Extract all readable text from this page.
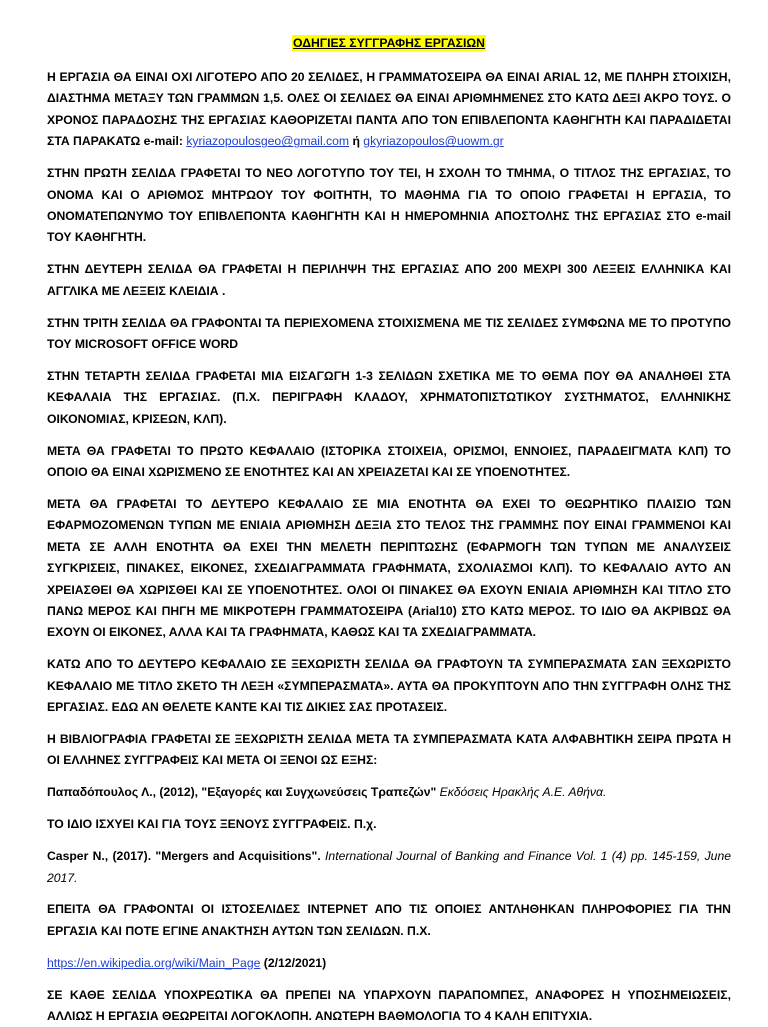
ΟΔΗΓΙΕΣ ΣΥΓΓΡΑΦΗΣ ΕΡΓΑΣΙΩΝ

Η ΕΡΓΑΣΙΑ ΘΑ ΕΙΝΑΙ ΟΧΙ ΛΙΓΟΤΕΡΟ ΑΠΟ 20 ΣΕΛΙΔΕΣ, Η ΓΡΑΜΜΑΤΟΣΕΙΡΑ ΘΑ ΕΙΝΑΙ ARIAL 12, ΜΕ ΠΛΗΡΗ ΣΤΟΙΧΙΣΗ, ΔΙΑΣΤΗΜΑ ΜΕΤΑΞΥ ΤΩΝ ΓΡΑΜΜΩΝ 1,5. ΟΛΕΣ ΟΙ ΣΕΛΙΔΕΣ ΘΑ ΕΙΝΑΙ ΑΡΙΘΜΗΜΕΝΕΣ ΣΤΟ ΚΑΤΩ ΔΕΞΙ ΑΚΡΟ ΤΟΥΣ. Ο ΧΡΟΝΟΣ ΠΑΡΑΔΟΣΗΣ ΤΗΣ ΕΡΓΑΣΙΑΣ ΚΑΘΟΡΙΖΕΤΑΙ ΠΑΝΤΑ ΑΠΟ ΤΟΝ ΕΠΙΒΛΕΠΟΝΤΑ ΚΑΘΗΓΗΤΗ ΚΑΙ ΠΑΡΑΔΙΔΕΤΑΙ ΣΤΑ ΠΑΡΑΚΑΤΩ e-mail: kyriazopoulosgeo@gmail.com ή gkyriazopoulos@uowm.gr

ΣΤΗΝ ΠΡΩΤΗ ΣΕΛΙΔΑ ΓΡΑΦΕΤΑΙ ΤΟ ΝΕΟ ΛΟΓΟΤΥΠΟ ΤΟΥ ΤΕΙ, Η ΣΧΟΛΗ ΤΟ ΤΜΗΜΑ, Ο ΤΙΤΛΟΣ ΤΗΣ ΕΡΓΑΣΙΑΣ, ΤΟ ΟΝΟΜΑ ΚΑΙ Ο ΑΡΙΘΜΟΣ ΜΗΤΡΩΟΥ ΤΟΥ ΦΟΙΤΗΤΗ, ΤΟ ΜΑΘΗΜΑ ΓΙΑ ΤΟ ΟΠΟΙΟ ΓΡΑΦΕΤΑΙ Η ΕΡΓΑΣΙΑ, ΤΟ ΟΝΟΜΑΤΕΠΩΝΥΜΟ ΤΟΥ ΕΠΙΒΛΕΠΟΝΤΑ ΚΑΘΗΓΗΤΗ ΚΑΙ Η ΗΜΕΡΟΜΗΝΙΑ ΑΠΟΣΤΟΛΗΣ ΤΗΣ ΕΡΓΑΣΙΑΣ ΣΤΟ e-mail ΤΟΥ ΚΑΘΗΓΗΤΗ.

ΣΤΗΝ ΔΕΥΤΕΡΗ ΣΕΛΙΔΑ ΘΑ ΓΡΑΦΕΤΑΙ Η ΠΕΡΙΛΗΨΗ ΤΗΣ ΕΡΓΑΣΙΑΣ ΑΠΟ 200 ΜΕΧΡΙ 300 ΛΕΞΕΙΣ ΕΛΛΗΝΙΚΑ ΚΑΙ ΑΓΓΛΙΚΑ ΜΕ ΛΕΞΕΙΣ ΚΛΕΙΔΙΑ .

ΣΤΗΝ ΤΡΙΤΗ ΣΕΛΙΔΑ ΘΑ ΓΡΑΦΟΝΤΑΙ ΤΑ ΠΕΡΙΕΧΟΜΕΝΑ ΣΤΟΙΧΙΣΜΕΝΑ ΜΕ ΤΙΣ ΣΕΛΙΔΕΣ ΣΥΜΦΩΝΑ ΜΕ ΤΟ ΠΡΟΤΥΠΟ ΤΟΥ MICROSOFT OFFICE WORD

ΣΤΗΝ ΤΕΤΑΡΤΗ ΣΕΛΙΔΑ ΓΡΑΦΕΤΑΙ ΜΙΑ ΕΙΣΑΓΩΓΗ 1-3 ΣΕΛΙΔΩΝ ΣΧΕΤΙΚΑ ΜΕ ΤΟ ΘΕΜΑ ΠΟΥ ΘΑ ΑΝΑΛΗΘΕΙ ΣΤΑ ΚΕΦΑΛΑΙΑ ΤΗΣ ΕΡΓΑΣΙΑΣ. (Π.Χ. ΠΕΡΙΓΡΑΦΗ ΚΛΑΔΟΥ, ΧΡΗΜΑΤΟΠΙΣΤΩΤΙΚΟΥ ΣΥΣΤΗΜΑΤΟΣ, ΕΛΛΗΝΙΚΗΣ ΟΙΚΟΝΟΜΙΑΣ, ΚΡΙΣΕΩΝ, ΚΛΠ).

ΜΕΤΑ ΘΑ ΓΡΑΦΕΤΑΙ ΤΟ ΠΡΩΤΟ ΚΕΦΑΛΑΙΟ (ΙΣΤΟΡΙΚΑ ΣΤΟΙΧΕΙΑ, ΟΡΙΣΜΟΙ, ΕΝΝΟΙΕΣ, ΠΑΡΑΔΕΙΓΜΑΤΑ ΚΛΠ) ΤΟ ΟΠΟΙΟ ΘΑ ΕΙΝΑΙ ΧΩΡΙΣΜΕΝΟ ΣΕ ΕΝΟΤΗΤΕΣ ΚΑΙ ΑΝ ΧΡΕΙΑΖΕΤΑΙ ΚΑΙ ΣΕ ΥΠΟΕΝΟΤΗΤΕΣ.

ΜΕΤΑ ΘΑ ΓΡΑΦΕΤΑΙ ΤΟ ΔΕΥΤΕΡΟ ΚΕΦΑΛΑΙΟ ΣΕ ΜΙΑ ΕΝΟΤΗΤΑ ΘΑ ΕΧΕΙ ΤΟ ΘΕΩΡΗΤΙΚΟ ΠΛΑΙΣΙΟ ΤΩΝ ΕΦΑΡΜΟΖΟΜΕΝΩΝ ΤΥΠΩΝ ΜΕ ΕΝΙΑΙΑ ΑΡΙΘΜΗΣΗ ΔΕΞΙΑ ΣΤΟ ΤΕΛΟΣ ΤΗΣ ΓΡΑΜΜΗΣ ΠΟΥ ΕΙΝΑΙ ΓΡΑΜΜΕΝΟΙ ΚΑΙ ΜΕΤΑ ΣΕ ΑΛΛΗ ΕΝΟΤΗΤΑ ΘΑ ΕΧΕΙ ΤΗΝ ΜΕΛΕΤΗ ΠΕΡΙΠΤΩΣΗΣ (ΕΦΑΡΜΟΓΗ ΤΩΝ ΤΥΠΩΝ ΜΕ ΑΝΑΛΥΣΕΙΣ ΣΥΓΚΡΙΣΕΙΣ, ΠΙΝΑΚΕΣ, ΕΙΚΟΝΕΣ, ΣΧΕΔΙΑΓΡΑΜΜΑΤΑ ΓΡΑΦΗΜΑΤΑ, ΣΧΟΛΙΑΣΜΟΙ ΚΛΠ). ΤΟ ΚΕΦΑΛΑΙΟ ΑΥΤΟ ΑΝ ΧΡΕΙΑΣΘΕΙ ΘΑ ΧΩΡΙΣΘΕΙ ΚΑΙ ΣΕ ΥΠΟΕΝΟΤΗΤΕΣ. ΟΛΟΙ ΟΙ ΠΙΝΑΚΕΣ ΘΑ ΕΧΟΥΝ ΕΝΙΑΙΑ ΑΡΙΘΜΗΣΗ ΚΑΙ ΤΙΤΛΟ ΣΤΟ ΠΑΝΩ ΜΕΡΟΣ ΚΑΙ ΠΗΓΗ ΜΕ ΜΙΚΡΟΤΕΡΗ ΓΡΑΜΜΑΤΟΣΕΙΡΑ (Arial10) ΣΤΟ ΚΑΤΩ ΜΕΡΟΣ. ΤΟ ΙΔΙΟ ΘΑ ΑΚΡΙΒΩΣ ΘΑ ΕΧΟΥΝ ΟΙ ΕΙΚΟΝΕΣ, ΑΛΛΑ ΚΑΙ ΤΑ ΓΡΑΦΗΜΑΤΑ, ΚΑΘΩΣ ΚΑΙ ΤΑ ΣΧΕΔΙΑΓΡΑΜΜΑΤΑ.

ΚΑΤΩ ΑΠΟ ΤΟ ΔΕΥΤΕΡΟ ΚΕΦΑΛΑΙΟ ΣΕ ΞΕΧΩΡΙΣΤΗ ΣΕΛΙΔΑ ΘΑ ΓΡΑΦΤΟΥΝ ΤΑ ΣΥΜΠΕΡΑΣΜΑΤΑ ΣΑΝ ΞΕΧΩΡΙΣΤΟ ΚΕΦΑΛΑΙΟ ΜΕ ΤΙΤΛΟ ΣΚΕΤΟ ΤΗ ΛΕΞΗ «ΣΥΜΠΕΡΑΣΜΑΤΑ». ΑΥΤΑ ΘΑ ΠΡΟΚΥΠΤΟΥΝ ΑΠΟ ΤΗΝ ΣΥΓΓΡΑΦΗ ΟΛΗΣ ΤΗΣ ΕΡΓΑΣΙΑΣ. ΕΔΩ ΑΝ ΘΕΛΕΤΕ ΚΑΝΤΕ ΚΑΙ ΤΙΣ ΔΙΚΙΕΣ ΣΑΣ ΠΡΟΤΑΣΕΙΣ.

Η ΒΙΒΛΙΟΓΡΑΦΙΑ ΓΡΑΦΕΤΑΙ ΣΕ ΞΕΧΩΡΙΣΤΗ ΣΕΛΙΔΑ ΜΕΤΑ ΤΑ ΣΥΜΠΕΡΑΣΜΑΤΑ ΚΑΤΑ ΑΛΦΑΒΗΤΙΚΗ ΣΕΙΡΑ ΠΡΩΤΑ Η ΟΙ ΕΛΛΗΝΕΣ ΣΥΓΓΡΑΦΕΙΣ ΚΑΙ ΜΕΤΑ ΟΙ ΞΕΝΟΙ ΩΣ ΕΞΗΣ:

Παπαδόπουλος Λ., (2012), "Εξαγορές και Συγχωνεύσεις Τραπεζών" Εκδόσεις Ηρακλής Α.Ε. Αθήνα.

ΤΟ ΙΔΙΟ ΙΣΧΥΕΙ ΚΑΙ ΓΙΑ ΤΟΥΣ ΞΕΝΟΥΣ ΣΥΓΓΡΑΦΕΙΣ. Π.χ.

Casper N., (2017). "Mergers and Acquisitions". International Journal of Banking and Finance Vol. 1 (4) pp. 145-159, June 2017.

ΕΠΕΙΤΑ ΘΑ ΓΡΑΦΟΝΤΑΙ ΟΙ ΙΣΤΟΣΕΛΙΔΕΣ ΙΝΤΕΡΝΕΤ ΑΠΟ ΤΙΣ ΟΠΟΙΕΣ ΑΝΤΛΗΘΗΚΑΝ ΠΛΗΡΟΦΟΡΙΕΣ ΓΙΑ ΤΗΝ ΕΡΓΑΣΙΑ ΚΑΙ ΠΟΤΕ ΕΓΙΝΕ ΑΝΑΚΤΗΣΗ ΑΥΤΩΝ ΤΩΝ ΣΕΛΙΔΩΝ. Π.Χ.

https://en.wikipedia.org/wiki/Main_Page (2/12/2021)

ΣΕ ΚΑΘΕ ΣΕΛΙΔΑ ΥΠΟΧΡΕΩΤΙΚΑ ΘΑ ΠΡΕΠΕΙ ΝΑ ΥΠΑΡΧΟΥΝ ΠΑΡΑΠΟΜΠΕΣ, ΑΝΑΦΟΡΕΣ Η ΥΠΟΣΗΜΕΙΩΣΕΙΣ, ΑΛΛΙΩΣ Η ΕΡΓΑΣΙΑ ΘΕΩΡΕΙΤΑΙ ΛΟΓΟΚΛΟΠΗ. ΑΝΩΤΕΡΗ ΒΑΘΜΟΛΟΓΙΑ ΤΟ 4 ΚΑΛΗ ΕΠΙΤΥΧΙΑ.
